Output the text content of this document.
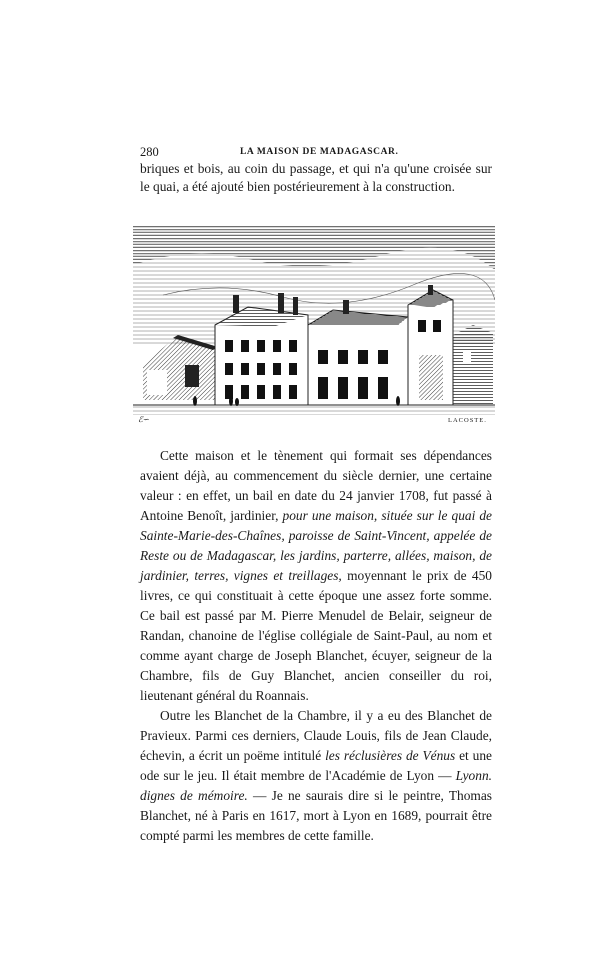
280	LA MAISON DE MADAGASCAR.

briques et bois, au coin du passage, et qui n'a qu'une croisée sur le quai, a été ajouté bien postérieurement à la construction.

ℰ∽	LACOSTE.

Cette maison et le tènement qui formait ses dépendances avaient déjà, au commencement du siècle dernier, une certaine valeur : en effet, un bail en date du 24 janvier 1708, fut passé à Antoine Benoît, jardinier, pour une maison, située sur le quai de Sainte-Marie-des-Chaînes, paroisse de Saint-Vincent, appelée de Reste ou de Madagascar, les jardins, parterre, allées, maison, de jardinier, terres, vignes et treillages, moyennant le prix de 450 livres, ce qui constituait à cette époque une assez forte somme. Ce bail est passé par M. Pierre Menudel de Belair, seigneur de Randan, chanoine de l'église collégiale de Saint-Paul, au nom et comme ayant charge de Joseph Blanchet, écuyer, seigneur de la Chambre, fils de Guy Blanchet, ancien conseiller du roi, lieutenant général du Roannais.

Outre les Blanchet de la Chambre, il y a eu des Blanchet de Pravieux. Parmi ces derniers, Claude Louis, fils de Jean Claude, échevin, a écrit un poëme intitulé les réclusières de Vénus et une ode sur le jeu. Il était membre de l'Académie de Lyon — Lyonn. dignes de mémoire. — Je ne saurais dire si le peintre, Thomas Blanchet, né à Paris en 1617, mort à Lyon en 1689, pourrait être compté parmi les membres de cette famille.
